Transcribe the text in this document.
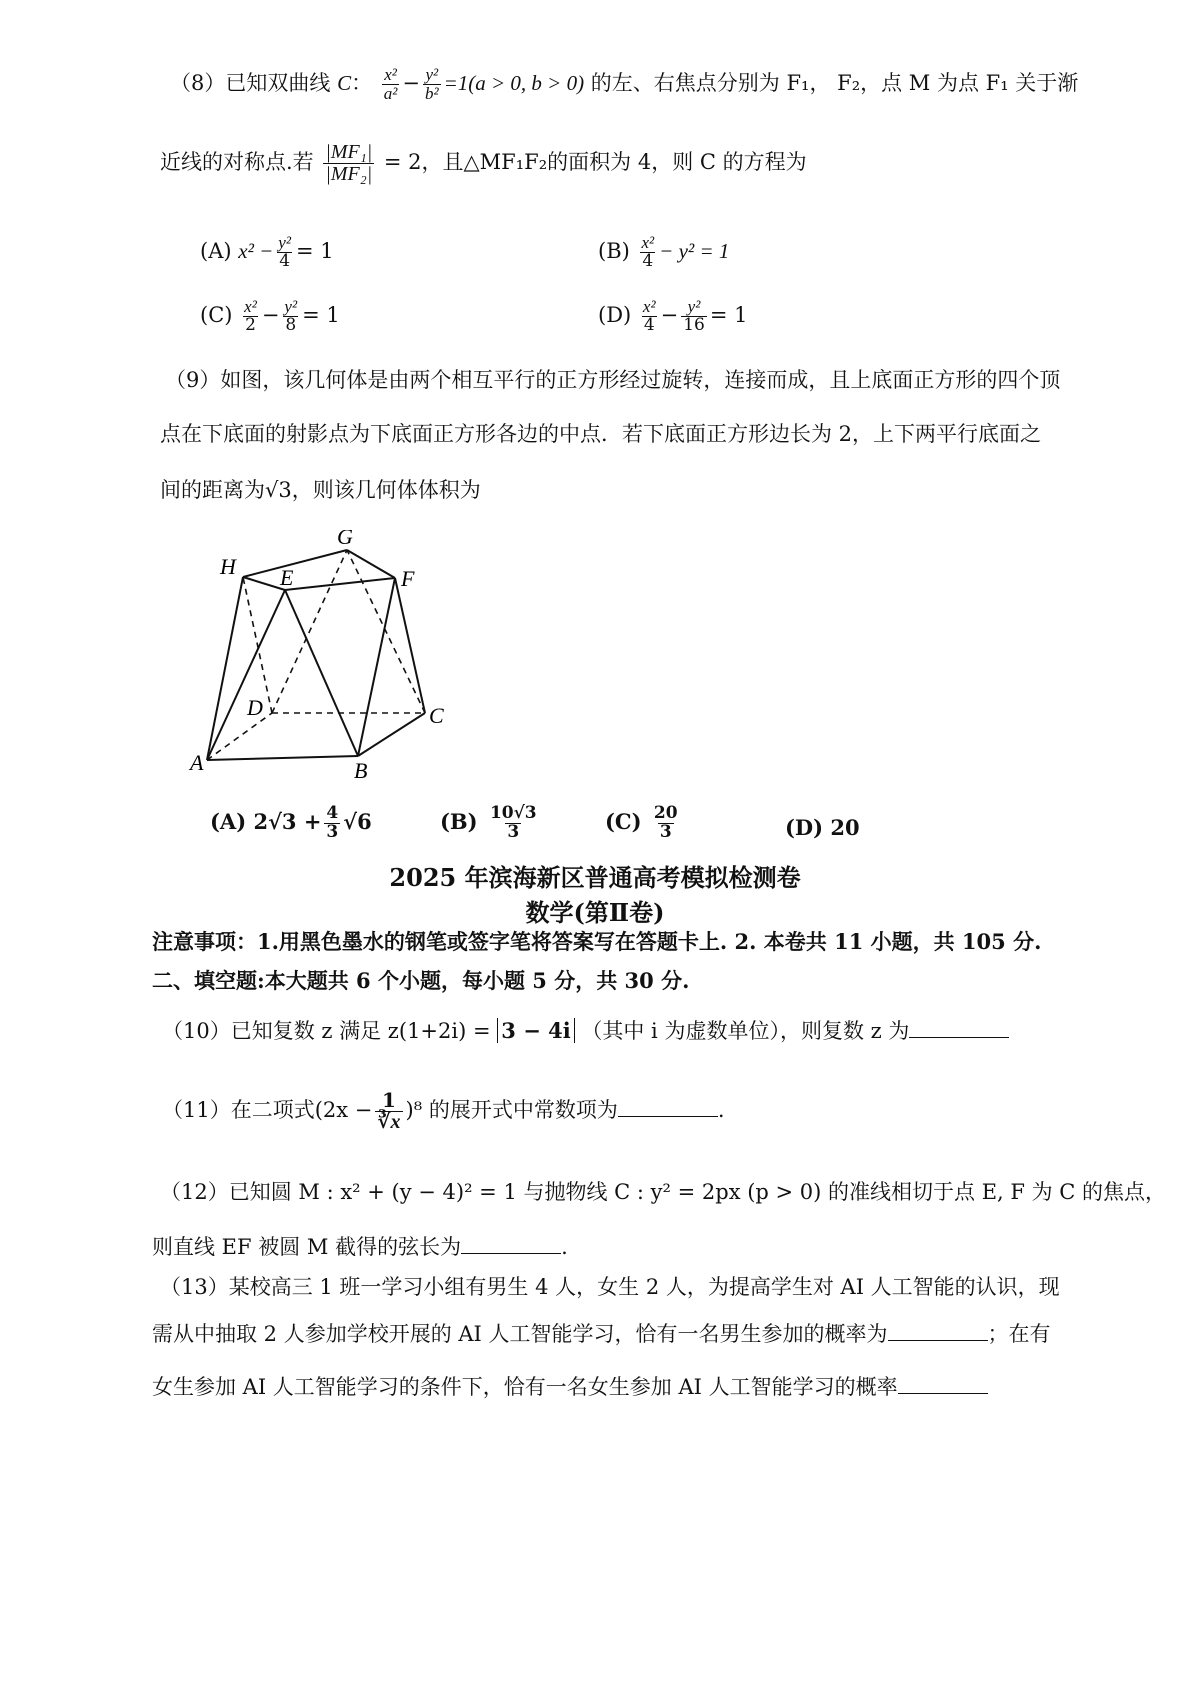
（8）已知双曲线 C： $\frac{\text{x²}}{\text{a²}} - \frac{\text{y²}}{\text{b²}} =1(a > 0$, b > 0) 的左、右焦点分别为 F₁， F₂，点 M 为点 F₁ 关于渐
近线的对称点.若 $\frac{\text{|MF₁|}}{\text{|MF₂|}} = 2$，且△MF₁F₂的面积为 4，则 C 的方程为
(A) $x^2 - \frac{\text{y²}}{4} = 1$	$(B) \frac{\text{x²}}{4} - y^2 = 1$
$(C) \frac{\text{x²}}{2} - \frac{\text{y²}}{8} = 1$	$(D) \frac{\text{x²}}{4} - \frac{\text{y²}}{16} = 1$
（9）如图，该几何体是由两个相互平行的正方形经过旋转，连接而成，且上底面正方形的四个顶
点在下底面的射影点为下底面正方形各边的中点．若下底面正方形边长为 2，上下两平行底面之
间的距离为√3，则该几何体体积为
H
G
E	F
D	C
A	B
(A) $2√3 + \frac{4}{3} √6$	$(B) \frac{10√3}{3}$	$(C) \frac{20}{3}$	(D) 20
2025 年滨海新区普通高考模拟检测卷
数学(第Ⅱ卷)
注意事项：1.用黑色墨水的钢笔或签字笔将答案写在答题卡上. 2. 本卷共 11 小题，共 105 分.
二、填空题:本大题共 6 个小题，每小题 5 分，共 30 分.
（10）已知复数 z 满足 z(1+2i) = 3 − 4i （其中 i 为虚数单位），则复数 z 为
（11）在二项式$(2x - \frac{1}{∛x} )^8$ 的展开式中常数项为	.
（12）已知圆 M : x² + (y − 4)² = 1 与抛物线 C : y² = 2px (p > 0) 的准线相切于点 E, F 为 C 的焦点，
则直线 EF 被圆 M 截得的弦长为	.
（13）某校高三 1 班一学习小组有男生 4 人，女生 2 人，为提高学生对 AI 人工智能的认识，现
需从中抽取 2 人参加学校开展的 AI 人工智能学习，恰有一名男生参加的概率为	；在有
女生参加 AI 人工智能学习的条件下，恰有一名女生参加 AI 人工智能学习的概率
